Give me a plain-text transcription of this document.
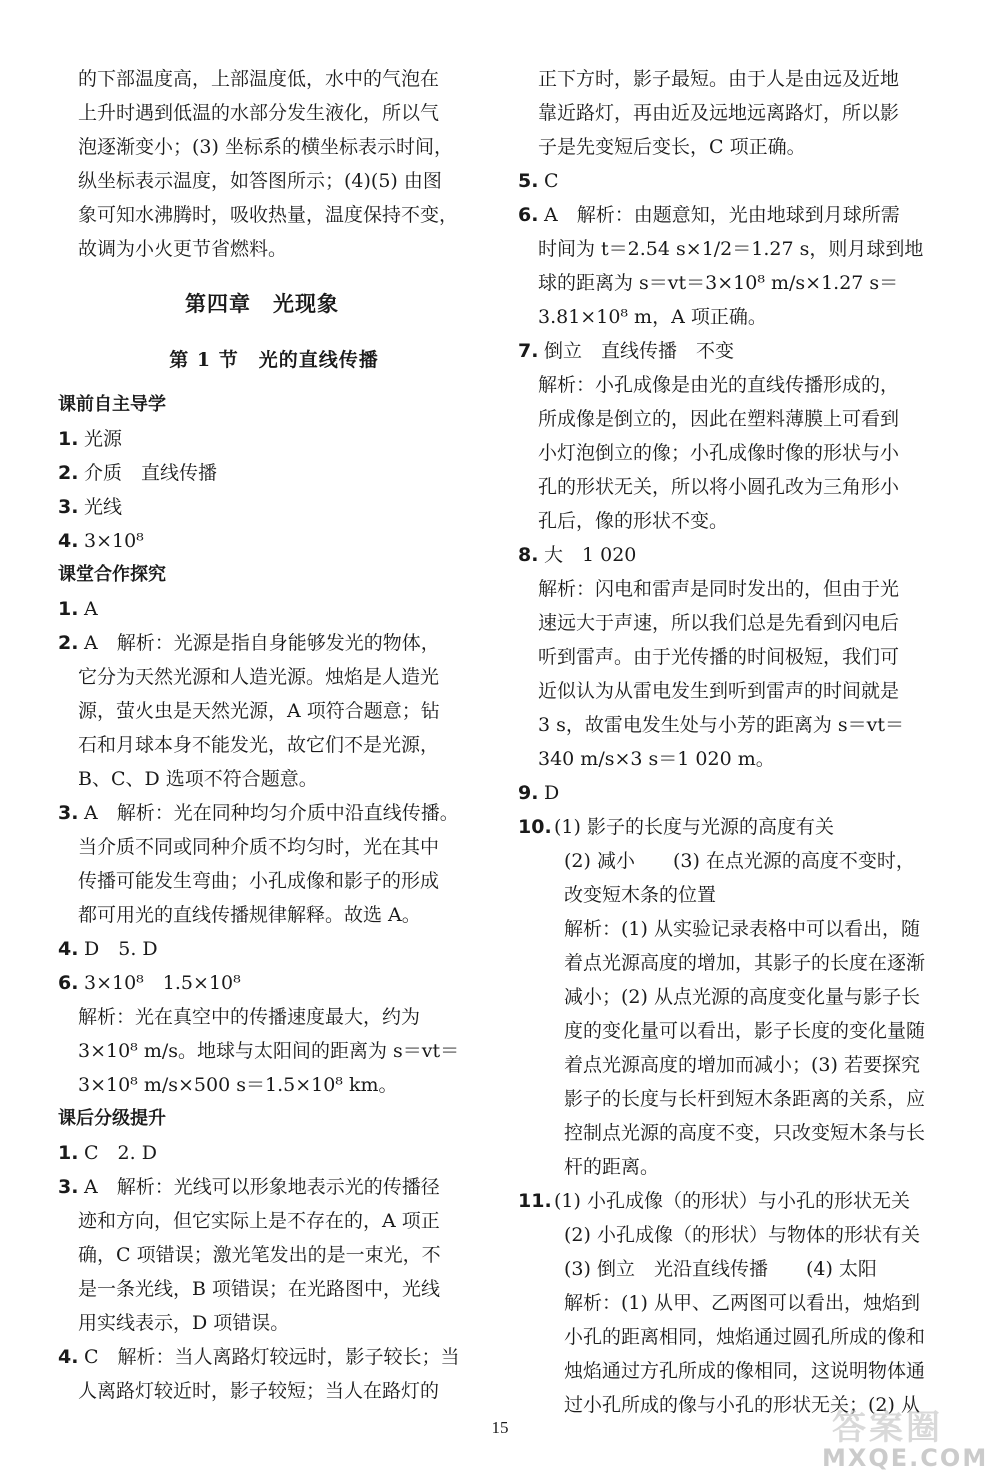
的下部温度高，上部温度低，水中的气泡在
上升时遇到低温的水部分发生液化，所以气
泡逐渐变小；(3) 坐标系的横坐标表示时间，
纵坐标表示温度，如答图所示；(4)(5) 由图
象可知水沸腾时，吸收热量，温度保持不变，
故调为小火更节省燃料。
第四章　光现象
第 1 节　光的直线传播
课前自主导学
1. 光源
2. 介质　直线传播
3. 光线
4. 3×10⁸
课堂合作探究
1. A
2. A　解析：光源是指自身能够发光的物体，
它分为天然光源和人造光源。烛焰是人造光
源，萤火虫是天然光源，A 项符合题意；钻
石和月球本身不能发光，故它们不是光源，
B、C、D 选项不符合题意。
3. A　解析：光在同种均匀介质中沿直线传播。
当介质不同或同种介质不均匀时，光在其中
传播可能发生弯曲；小孔成像和影子的形成
都可用光的直线传播规律解释。故选 A。
4. D　5. D
6. 3×10⁸　1.5×10⁸
解析：光在真空中的传播速度最大，约为
3×10⁸ m/s。地球与太阳间的距离为 s＝vt＝
3×10⁸ m/s×500 s＝1.5×10⁸ km。
课后分级提升
1. C　2. D
3. A　解析：光线可以形象地表示光的传播径
迹和方向，但它实际上是不存在的，A 项正
确，C 项错误；激光笔发出的是一束光，不
是一条光线，B 项错误；在光路图中，光线
用实线表示，D 项错误。
4. C　解析：当人离路灯较远时，影子较长；当
人离路灯较近时，影子较短；当人在路灯的
正下方时，影子最短。由于人是由远及近地
靠近路灯，再由近及远地远离路灯，所以影
子是先变短后变长，C 项正确。
5. C
6. A　解析：由题意知，光由地球到月球所需
时间为 t＝2.54 s×1/2＝1.27 s，则月球到地
球的距离为 s＝vt＝3×10⁸ m/s×1.27 s＝
3.81×10⁸ m，A 项正确。
7. 倒立　直线传播　不变
解析：小孔成像是由光的直线传播形成的，
所成像是倒立的，因此在塑料薄膜上可看到
小灯泡倒立的像；小孔成像时像的形状与小
孔的形状无关，所以将小圆孔改为三角形小
孔后，像的形状不变。
8. 大　1 020
解析：闪电和雷声是同时发出的，但由于光
速远大于声速，所以我们总是先看到闪电后
听到雷声。由于光传播的时间极短，我们可
近似认为从雷电发生到听到雷声的时间就是
3 s，故雷电发生处与小芳的距离为 s＝vt＝
340 m/s×3 s＝1 020 m。
9. D
10. (1) 影子的长度与光源的高度有关
(2) 减小　　(3) 在点光源的高度不变时，
改变短木条的位置
解析：(1) 从实验记录表格中可以看出，随
着点光源高度的增加，其影子的长度在逐渐
减小；(2) 从点光源的高度变化量与影子长
度的变化量可以看出，影子长度的变化量随
着点光源高度的增加而减小；(3) 若要探究
影子的长度与长杆到短木条距离的关系，应
控制点光源的高度不变，只改变短木条与长
杆的距离。
11. (1) 小孔成像（的形状）与小孔的形状无关
(2) 小孔成像（的形状）与物体的形状有关
(3) 倒立　光沿直线传播　　(4) 太阳
解析：(1) 从甲、乙两图可以看出，烛焰到
小孔的距离相同，烛焰通过圆孔所成的像和
烛焰通过方孔所成的像相同，这说明物体通
过小孔所成的像与小孔的形状无关；(2) 从
15	答案圈
MXQE.COM
